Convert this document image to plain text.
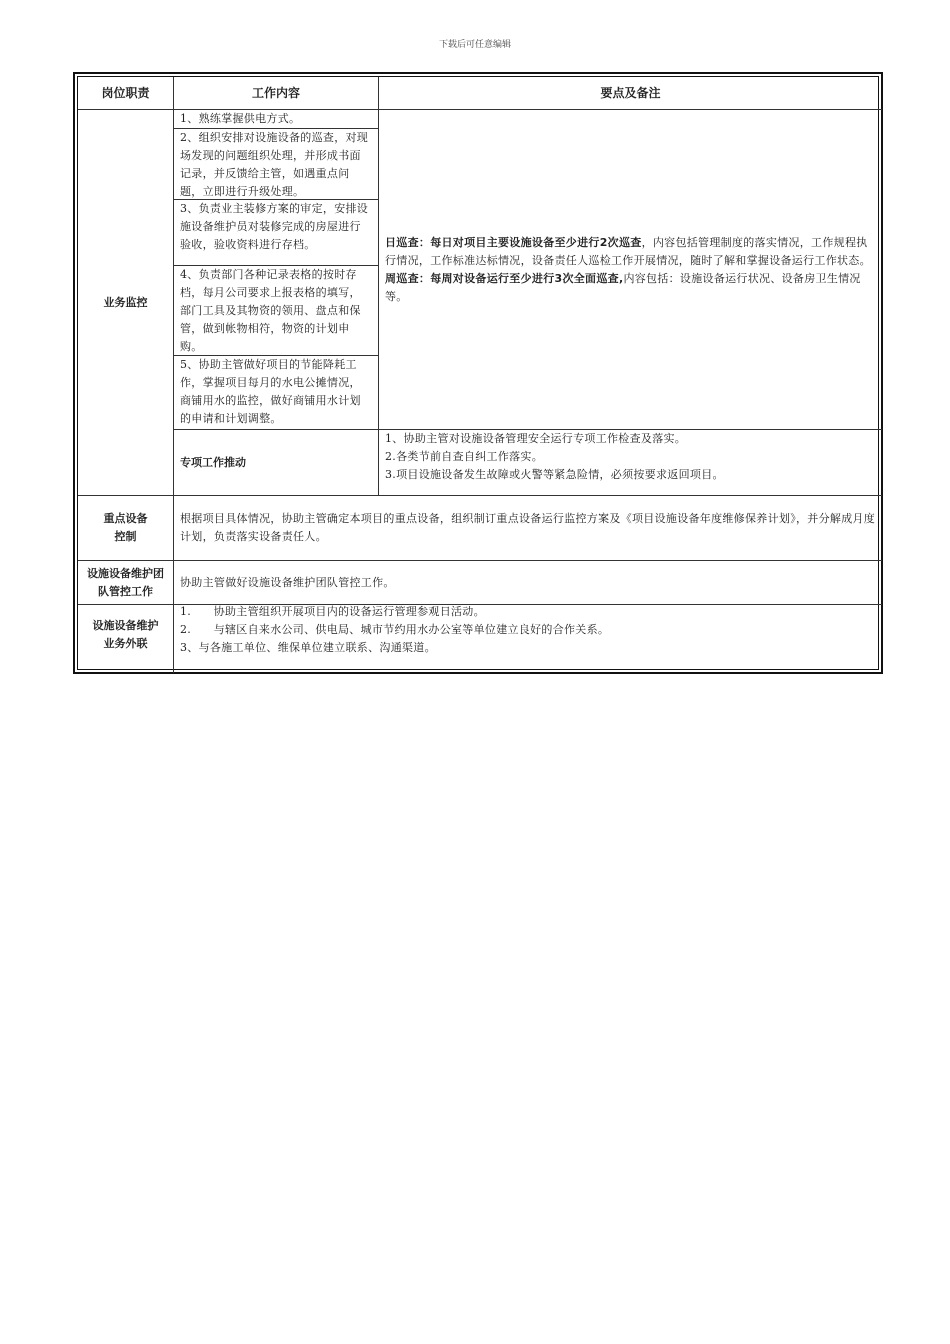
下载后可任意编辑
岗位职责	工作内容	要点及备注
业务监控
1、熟练掌握供电方式。
2、组织安排对设施设备的巡查，对现场发现的问题组织处理，并形成书面记录，并反馈给主管，如遇重点问题，立即进行升级处理。
3、负责业主装修方案的审定，安排设施设备维护员对装修完成的房屋进行验收，验收资料进行存档。
4、负责部门各种记录表格的按时存档，每月公司要求上报表格的填写，部门工具及其物资的领用、盘点和保管，做到帐物相符，物资的计划申购。
5、协助主管做好项目的节能降耗工作，掌握项目每月的水电公摊情况，商铺用水的监控，做好商铺用水计划的申请和计划调整。
日巡查：每日对项目主要设施设备至少进行2次巡查，内容包括管理制度的落实情况，工作规程执行情况，工作标准达标情况，设备责任人巡检工作开展情况，随时了解和掌握设备运行工作状态。
周巡查：每周对设备运行至少进行3次全面巡查,内容包括：设施设备运行状况、设备房卫生情况等。
专项工作推动
1、协助主管对设施设备管理安全运行专项工作检查及落实。
2.各类节前自查自纠工作落实。
3.项目设施设备发生故障或火警等紧急险情，必须按要求返回项目。
重点设备
控制
根据项目具体情况，协助主管确定本项目的重点设备，组织制订重点设备运行监控方案及《项目设施设备年度维修保养计划》，并分解成月度计划，负责落实设备责任人。
设施设备维护团
队管控工作
协助主管做好设施设备维护团队管控工作。
设施设备维护
业务外联
1.　　协助主管组织开展项目内的设备运行管理参观日活动。
2.　　与辖区自来水公司、供电局、城市节约用水办公室等单位建立良好的合作关系。
3、与各施工单位、维保单位建立联系、沟通渠道。
